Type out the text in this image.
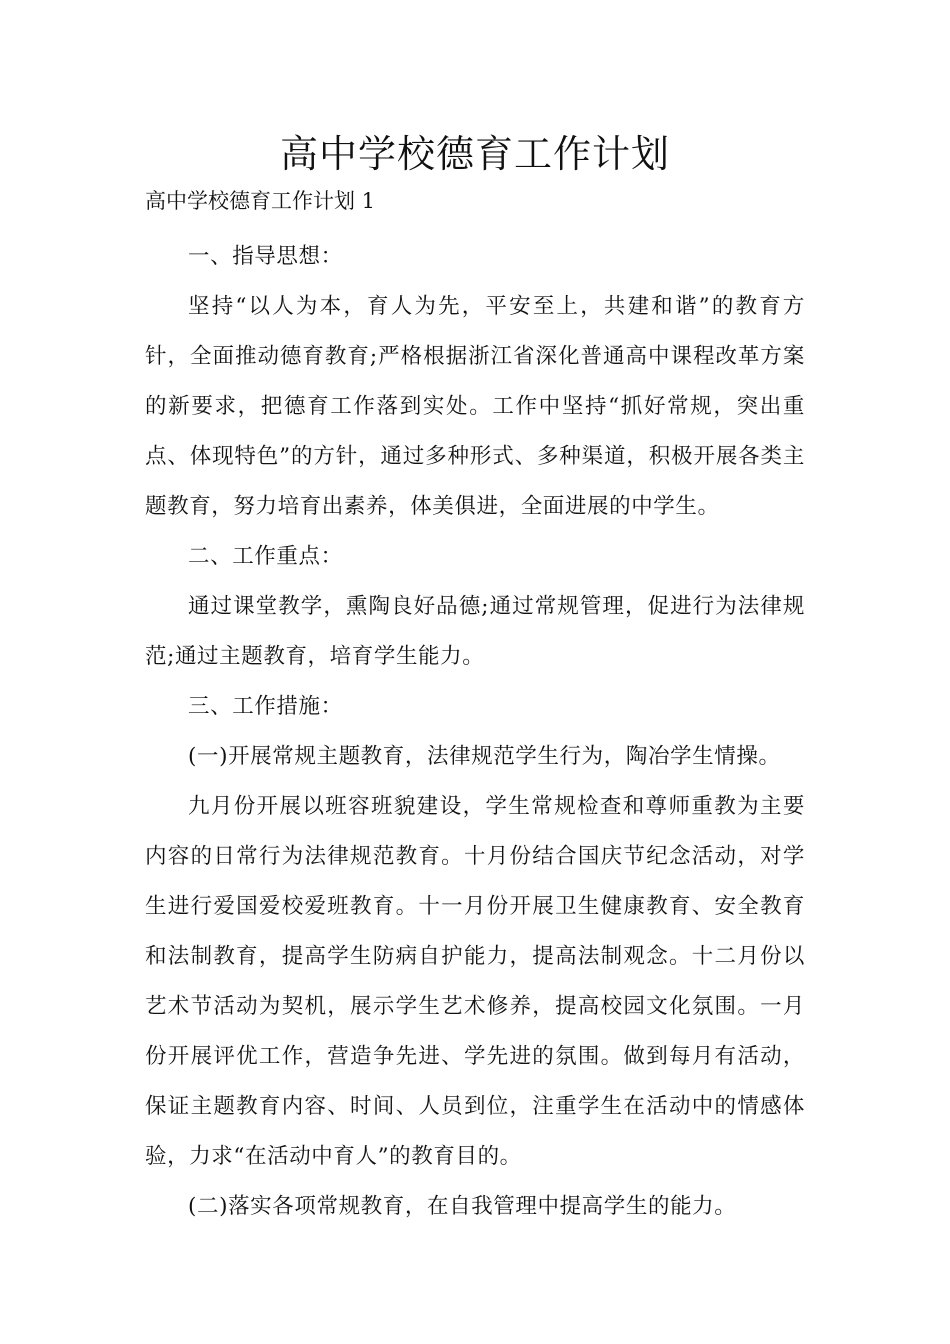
高中学校德育工作计划

高中学校德育工作计划 1

一、指导思想：

坚持“以人为本，育人为先，平安至上，共建和谐”的教育方针，全面推动德育教育;严格根据浙江省深化普通高中课程改革方案的新要求，把德育工作落到实处。工作中坚持“抓好常规，突出重点、体现特色”的方针，通过多种形式、多种渠道，积极开展各类主题教育，努力培育出素养，体美俱进，全面进展的中学生。

二、工作重点：

通过课堂教学，熏陶良好品德;通过常规管理，促进行为法律规范;通过主题教育，培育学生能力。

三、工作措施：

(一)开展常规主题教育，法律规范学生行为，陶冶学生情操。

九月份开展以班容班貌建设，学生常规检查和尊师重教为主要内容的日常行为法律规范教育。十月份结合国庆节纪念活动，对学生进行爱国爱校爱班教育。十一月份开展卫生健康教育、安全教育和法制教育，提高学生防病自护能力，提高法制观念。十二月份以艺术节活动为契机，展示学生艺术修养，提高校园文化氛围。一月份开展评优工作，营造争先进、学先进的氛围。做到每月有活动，保证主题教育内容、时间、人员到位，注重学生在活动中的情感体验，力求“在活动中育人”的教育目的。

(二)落实各项常规教育，在自我管理中提高学生的能力。
